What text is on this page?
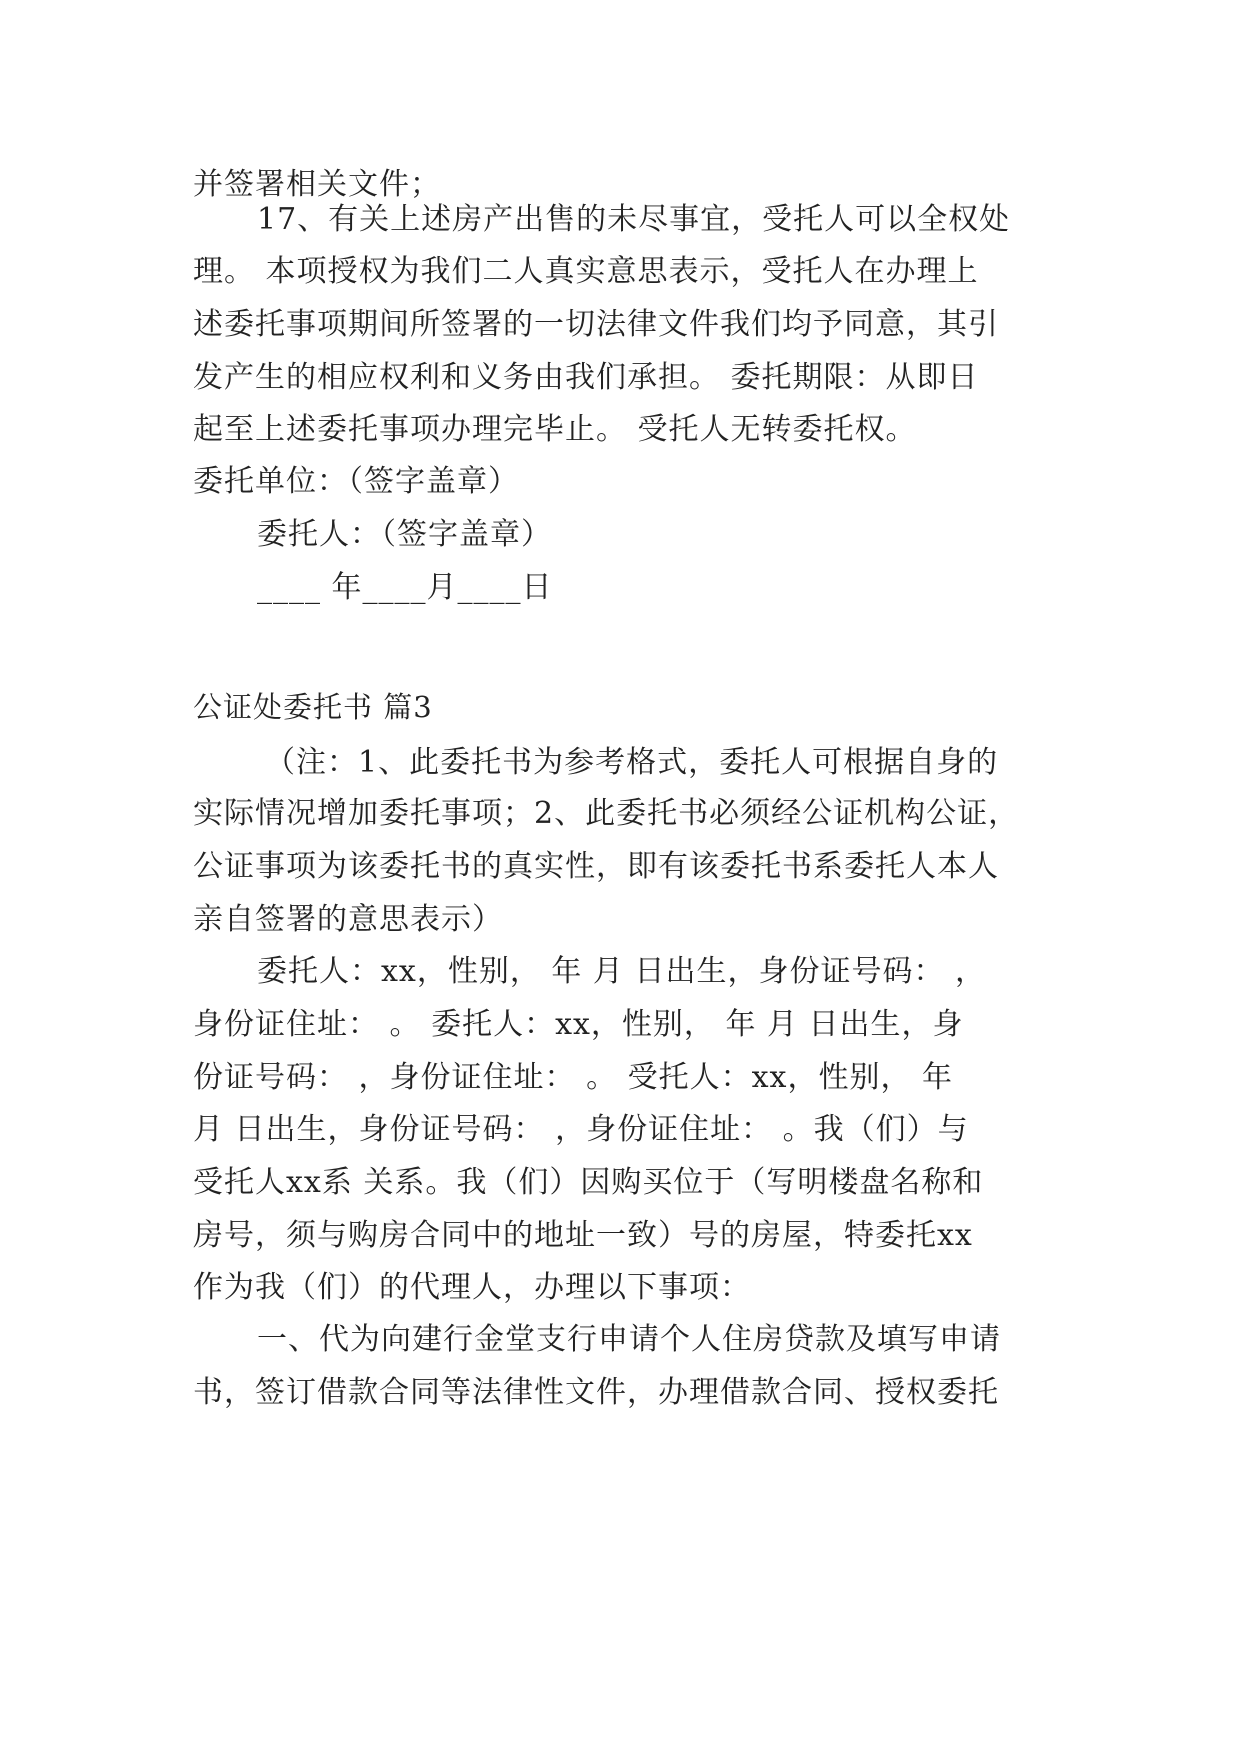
并签署相关文件；
17、有关上述房产出售的未尽事宜，受托人可以全权处
理。 本项授权为我们二人真实意思表示，受托人在办理上
述委托事项期间所签署的一切法律文件我们均予同意，其引
发产生的相应权利和义务由我们承担。 委托期限：从即日
起至上述委托事项办理完毕止。 受托人无转委托权。
委托单位：（签字盖章）
委托人：（签字盖章）
____ 年____月____日
公证处委托书 篇3
（注：1、此委托书为参考格式，委托人可根据自身的
实际情况增加委托事项；2、此委托书必须经公证机构公证，
公证事项为该委托书的真实性，即有该委托书系委托人本人
亲自签署的意思表示）
委托人：xx，性别， 年 月 日出生，身份证号码： ，
身份证住址： 。 委托人：xx，性别， 年 月 日出生，身
份证号码： ，身份证住址： 。 受托人：xx，性别， 年
月 日出生，身份证号码： ，身份证住址： 。我（们）与
受托人xx系 关系。我（们）因购买位于（写明楼盘名称和
房号，须与购房合同中的地址一致）号的房屋，特委托xx
作为我（们）的代理人，办理以下事项：
一、代为向建行金堂支行申请个人住房贷款及填写申请
书，签订借款合同等法律性文件，办理借款合同、授权委托
